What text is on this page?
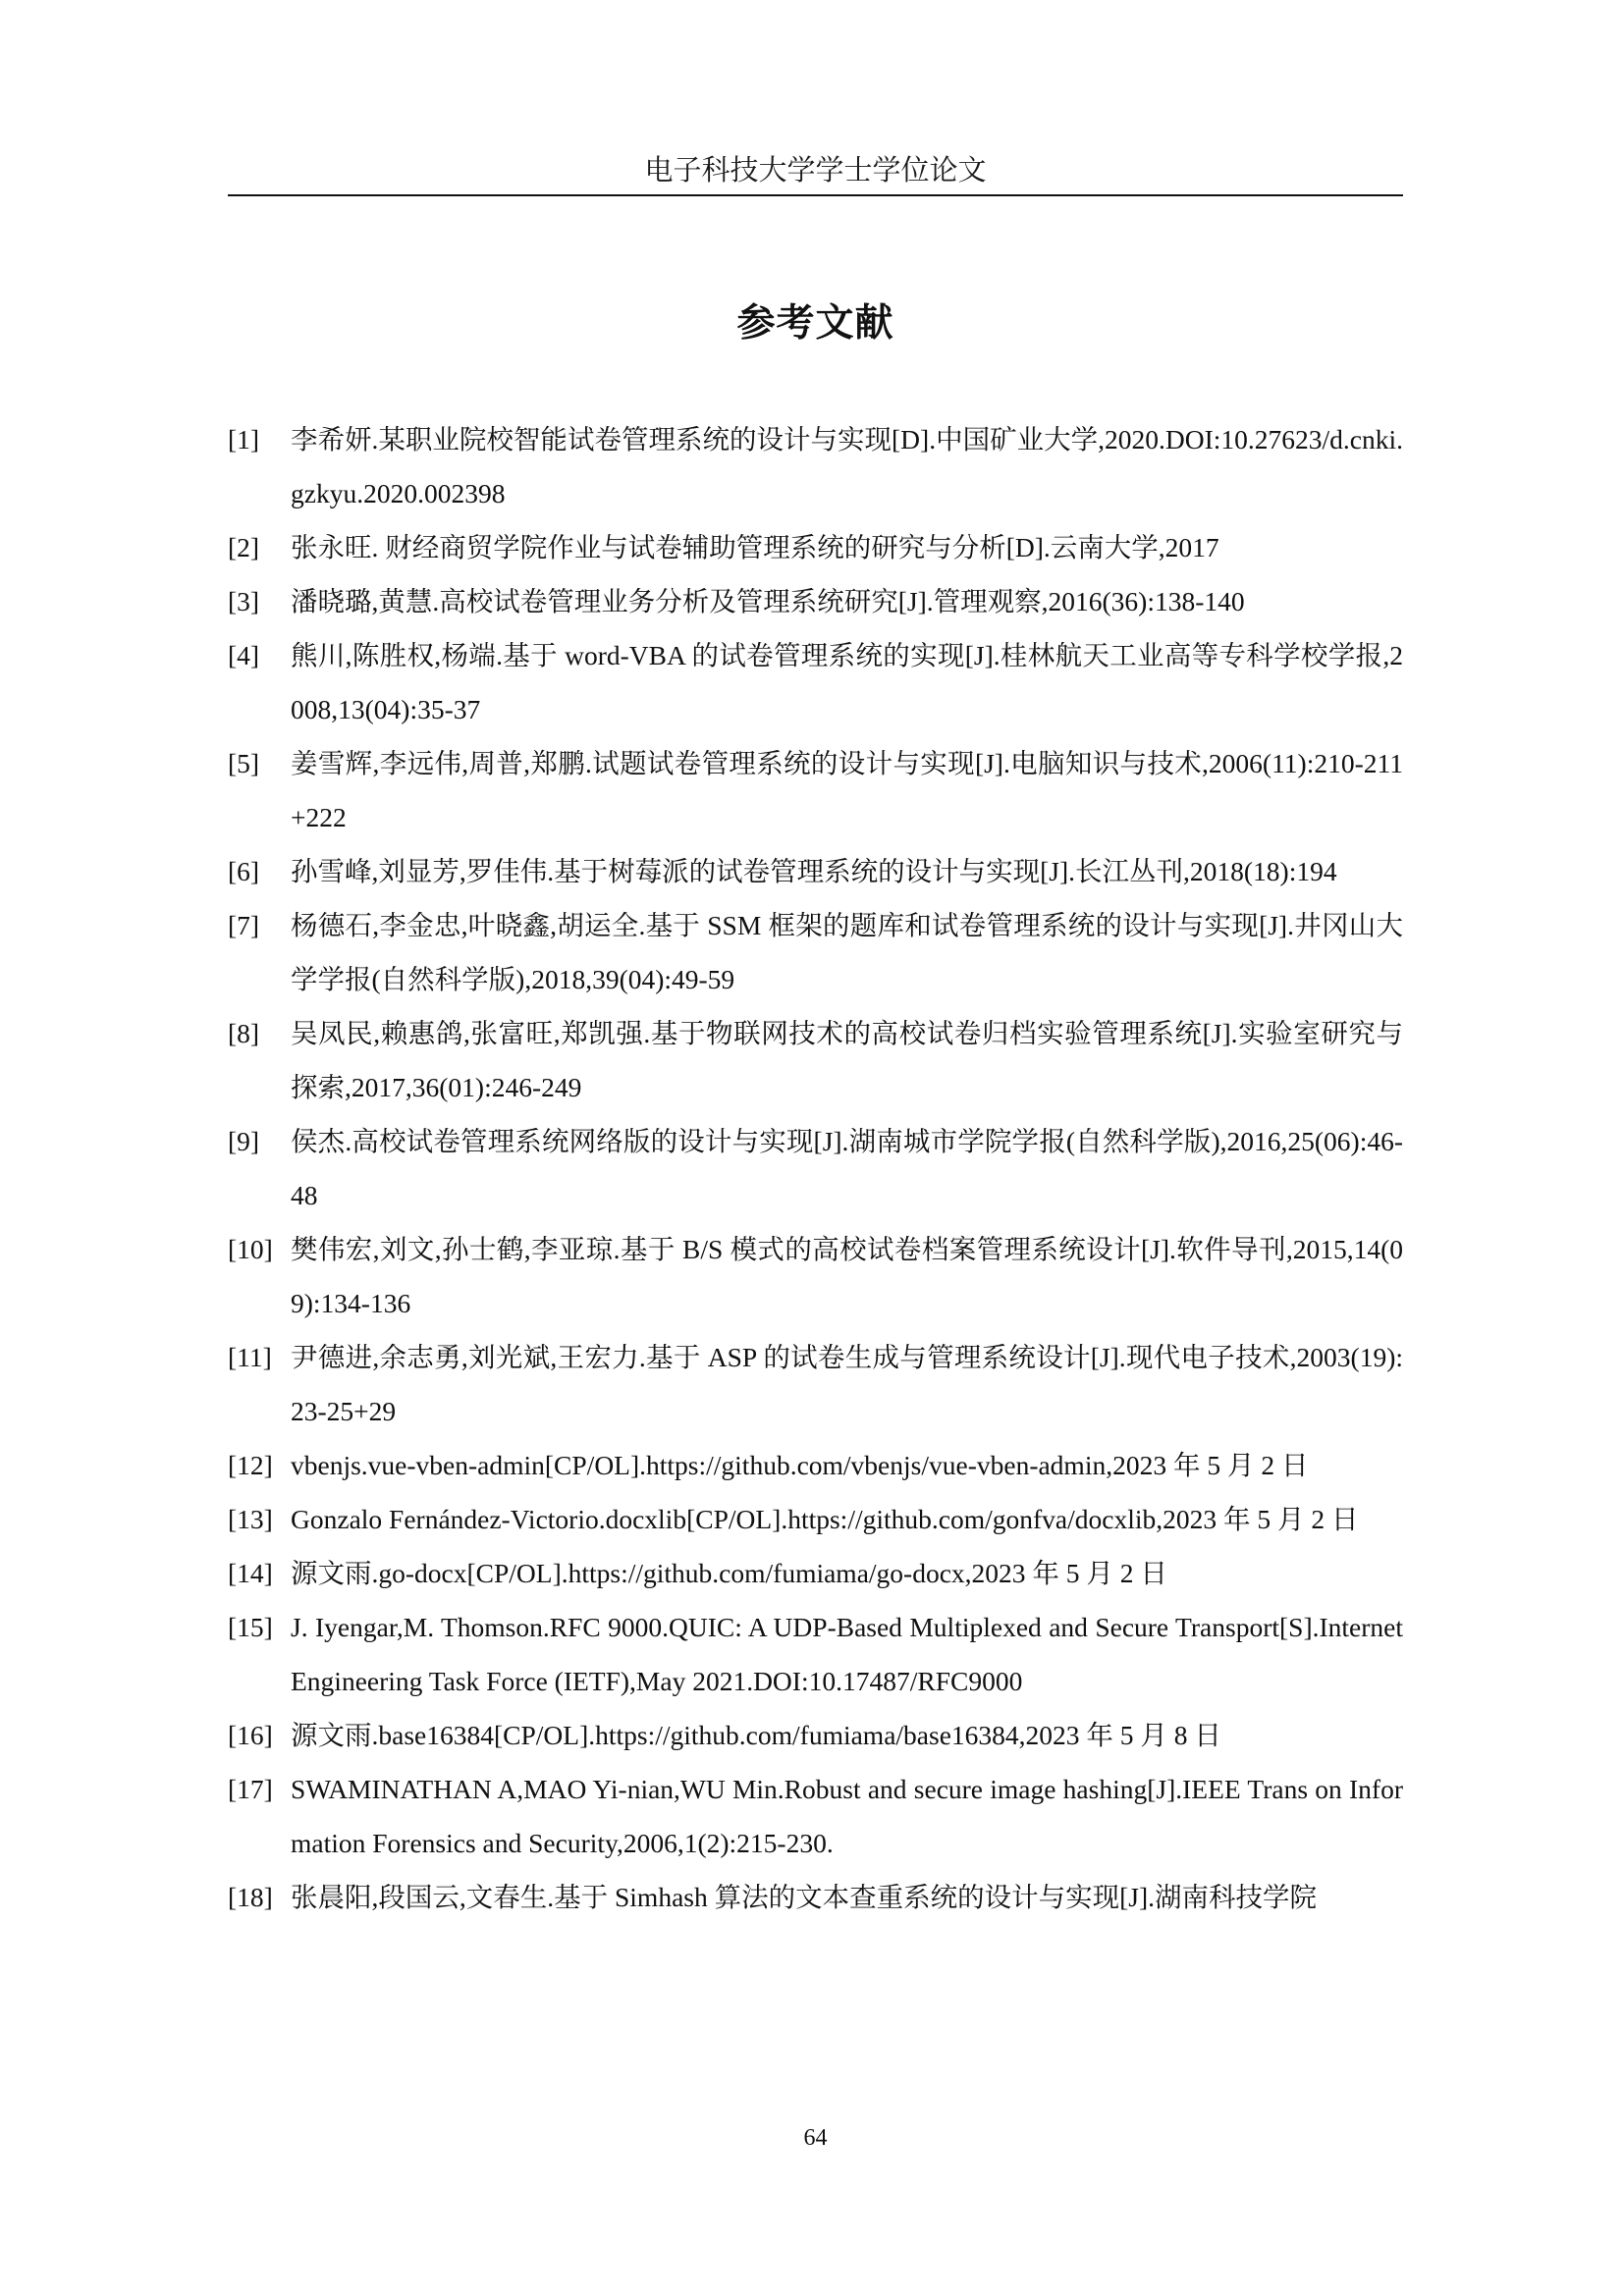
电子科技大学学士学位论文
参考文献
[1]	李希妍.某职业院校智能试卷管理系统的设计与实现[D].中国矿业大学,2020.DOI:10.27623/d.cnki.gzkyu.2020.002398
[2]	张永旺. 财经商贸学院作业与试卷辅助管理系统的研究与分析[D].云南大学,2017
[3]	潘晓璐,黄慧.高校试卷管理业务分析及管理系统研究[J].管理观察,2016(36):138-140
[4]	熊川,陈胜权,杨端.基于 word-VBA 的试卷管理系统的实现[J].桂林航天工业高等专科学校学报,2008,13(04):35-37
[5]	姜雪辉,李远伟,周普,郑鹏.试题试卷管理系统的设计与实现[J].电脑知识与技术,2006(11):210-211+222
[6]	孙雪峰,刘显芳,罗佳伟.基于树莓派的试卷管理系统的设计与实现[J].长江丛刊,2018(18):194
[7]	杨德石,李金忠,叶晓鑫,胡运全.基于 SSM 框架的题库和试卷管理系统的设计与实现[J].井冈山大学学报(自然科学版),2018,39(04):49-59
[8]	吴凤民,赖惠鸽,张富旺,郑凯强.基于物联网技术的高校试卷归档实验管理系统[J].实验室研究与探索,2017,36(01):246-249
[9]	侯杰.高校试卷管理系统网络版的设计与实现[J].湖南城市学院学报(自然科学版),2016,25(06):46-48
[10] 樊伟宏,刘文,孙士鹤,李亚琼.基于 B/S 模式的高校试卷档案管理系统设计[J].软件导刊,2015,14(09):134-136
[11] 尹德进,余志勇,刘光斌,王宏力.基于 ASP 的试卷生成与管理系统设计[J].现代电子技术,2003(19):23-25+29
[12] vbenjs.vue-vben-admin[CP/OL].https://github.com/vbenjs/vue-vben-admin,2023 年 5 月 2 日
[13] Gonzalo Fernández-Victorio.docxlib[CP/OL].https://github.com/gonfva/docxlib,2023 年 5 月 2 日
[14] 源文雨.go-docx[CP/OL].https://github.com/fumiama/go-docx,2023 年 5 月 2 日
[15] J. Iyengar,M. Thomson.RFC 9000.QUIC: A UDP-Based Multiplexed and Secure Transport[S].Internet Engineering Task Force (IETF),May 2021.DOI:10.17487/RFC9000
[16] 源文雨.base16384[CP/OL].https://github.com/fumiama/base16384,2023 年 5 月 8 日
[17] SWAMINATHAN A,MAO Yi-nian,WU Min.Robust and secure image hashing[J].IEEE Trans on Information Forensics and Security,2006,1(2):215-230.
[18] 张晨阳,段国云,文春生.基于 Simhash 算法的文本查重系统的设计与实现[J].湖南科技学院
64
